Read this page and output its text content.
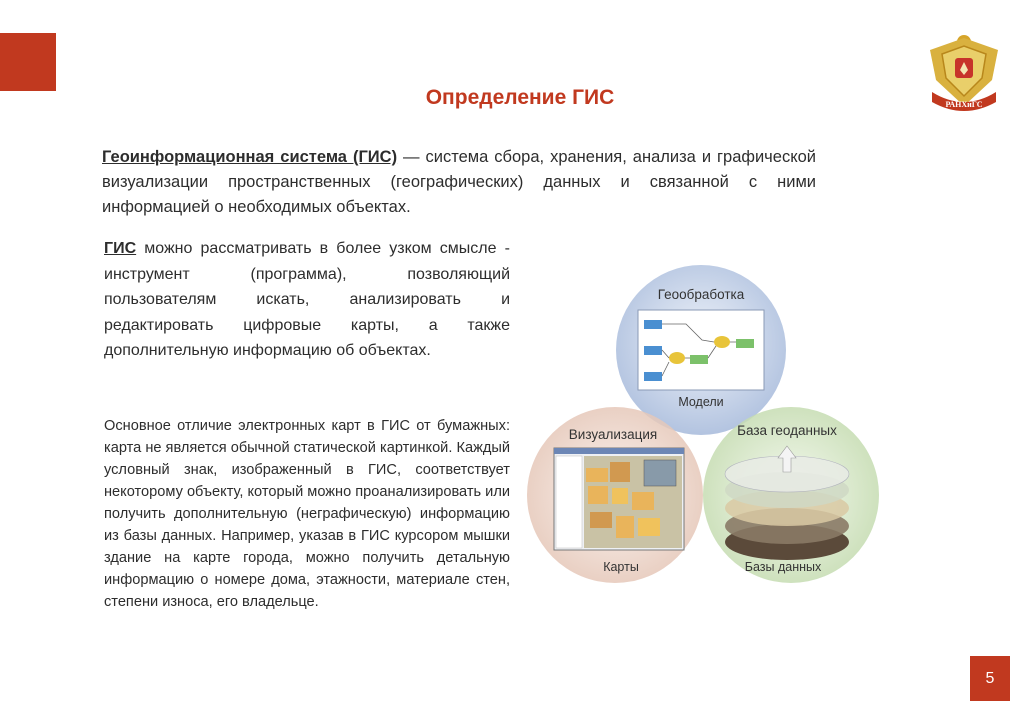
РАНХиГС
Определение ГИС
Геоинформационная система (ГИС) — система сбора, хранения, анализа и графической визуализации пространственных (географических) данных и связанной с ними информацией о необходимых объектах.
ГИС можно рассматривать в более узком смысле - инструмент (программа), позволяющий пользователям искать, анализировать и редактировать цифровые карты, а также дополнительную информацию об объектах.
Основное отличие электронных карт в ГИС от бумажных: карта не является обычной статической картинкой. Каждый условный знак, изображенный в ГИС, соответствует некоторому объекту, который можно проанализировать или получить дополнительную (неграфическую) информацию из базы данных. Например, указав в ГИС курсором мышки здание на карте города, можно получить детальную информацию о номере дома, этажности, материале стен, степени износа, его владельце.
Геообработка
Модели
Визуализация
Карты
База геоданных
Базы данных
5
